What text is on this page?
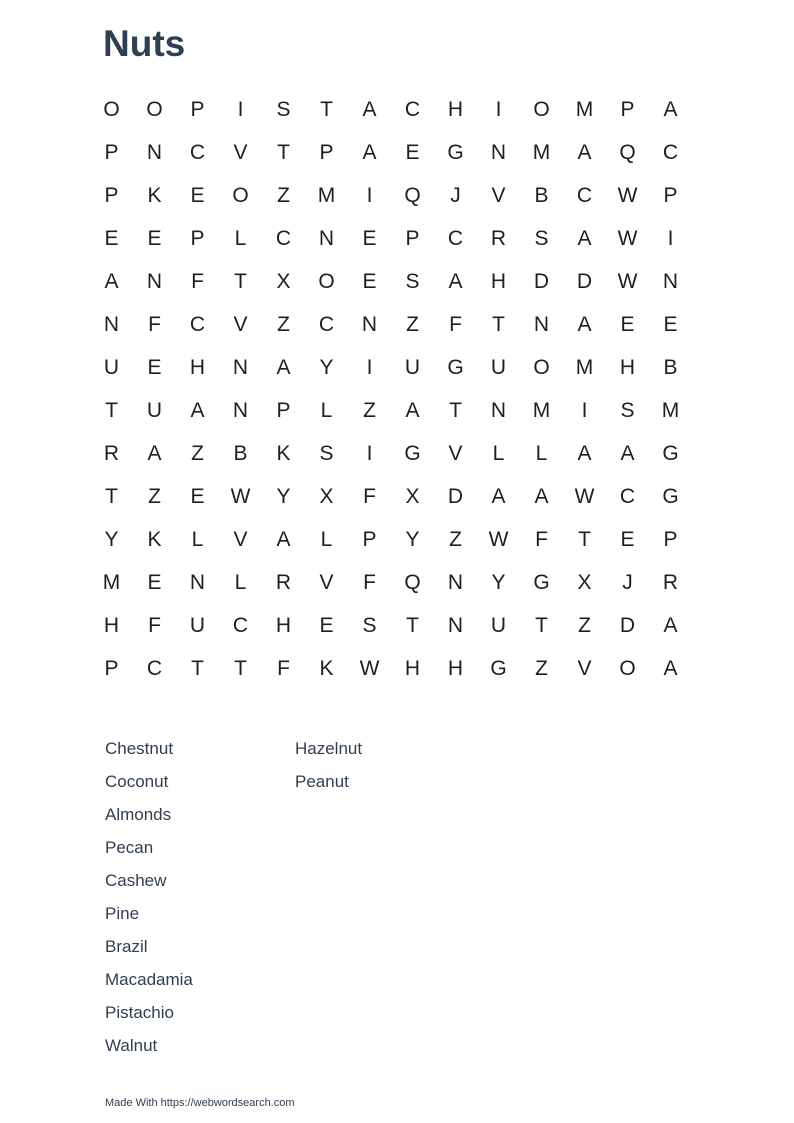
Nuts
O	O	P	I	S	T	A	C	H	I	O	M	P	A
P	N	C	V	T	P	A	E	G	N	M	A	Q	C
P	K	E	O	Z	M	I	Q	J	V	B	C	W	P
E	E	P	L	C	N	E	P	C	R	S	A	W	I
A	N	F	T	X	O	E	S	A	H	D	D	W	N
N	F	C	V	Z	C	N	Z	F	T	N	A	E	E
U	E	H	N	A	Y	I	U	G	U	O	M	H	B
T	U	A	N	P	L	Z	A	T	N	M	I	S	M
R	A	Z	B	K	S	I	G	V	L	L	A	A	G
T	Z	E	W	Y	X	F	X	D	A	A	W	C	G
Y	K	L	V	A	L	P	Y	Z	W	F	T	E	P
M	E	N	L	R	V	F	Q	N	Y	G	X	J	R
H	F	U	C	H	E	S	T	N	U	T	Z	D	A
P	C	T	T	F	K	W	H	H	G	Z	V	O	A
Chestnut
Coconut
Almonds
Pecan
Cashew
Pine
Brazil
Macadamia
Pistachio
Walnut
Hazelnut
Peanut
Made With https://webwordsearch.com
